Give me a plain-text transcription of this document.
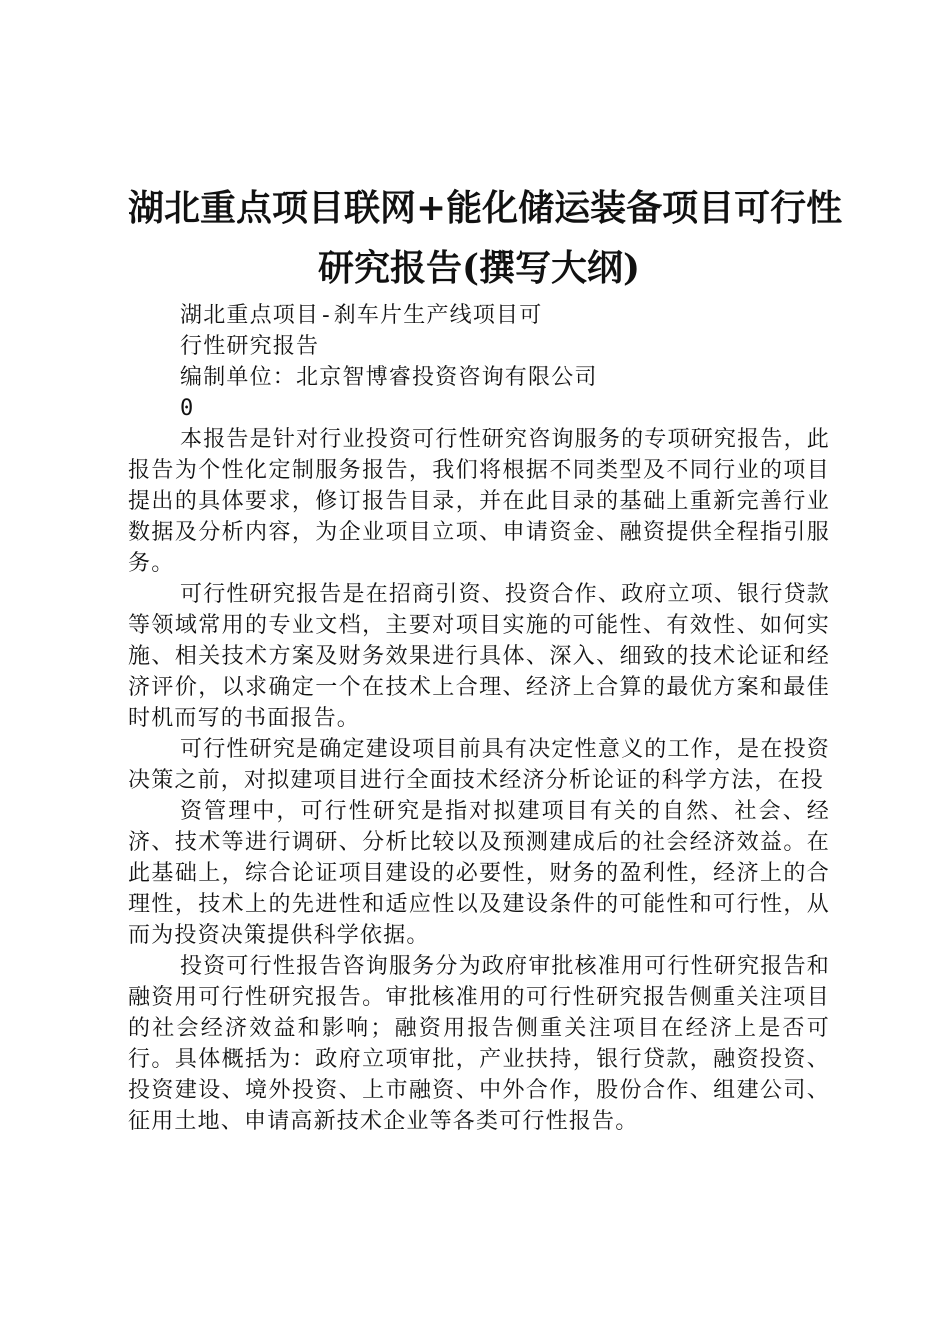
湖北重点项目联网+能化储运装备项目可行性
研究报告(撰写大纲)
湖北重点项目-刹车片生产线项目可
行性研究报告
编制单位：北京智博睿投资咨询有限公司
0

本报告是针对行业投资可行性研究咨询服务的专项研究报告，此报告为个性化定制服务报告，我们将根据不同类型及不同行业的项目提出的具体要求，修订报告目录，并在此目录的基础上重新完善行业数据及分析内容，为企业项目立项、申请资金、融资提供全程指引服务。

可行性研究报告是在招商引资、投资合作、政府立项、银行贷款等领域常用的专业文档，主要对项目实施的可能性、有效性、如何实施、相关技术方案及财务效果进行具体、深入、细致的技术论证和经济评价，以求确定一个在技术上合理、经济上合算的最优方案和最佳时机而写的书面报告。

可行性研究是确定建设项目前具有决定性意义的工作，是在投资决策之前，对拟建项目进行全面技术经济分析论证的科学方法，在投

资管理中，可行性研究是指对拟建项目有关的自然、社会、经济、技术等进行调研、分析比较以及预测建成后的社会经济效益。在此基础上，综合论证项目建设的必要性，财务的盈利性，经济上的合理性，技术上的先进性和适应性以及建设条件的可能性和可行性，从而为投资决策提供科学依据。

投资可行性报告咨询服务分为政府审批核准用可行性研究报告和融资用可行性研究报告。审批核准用的可行性研究报告侧重关注项目的社会经济效益和影响；融资用报告侧重关注项目在经济上是否可行。具体概括为：政府立项审批，产业扶持，银行贷款，融资投资、投资建设、境外投资、上市融资、中外合作，股份合作、组建公司、征用土地、申请高新技术企业等各类可行性报告。
